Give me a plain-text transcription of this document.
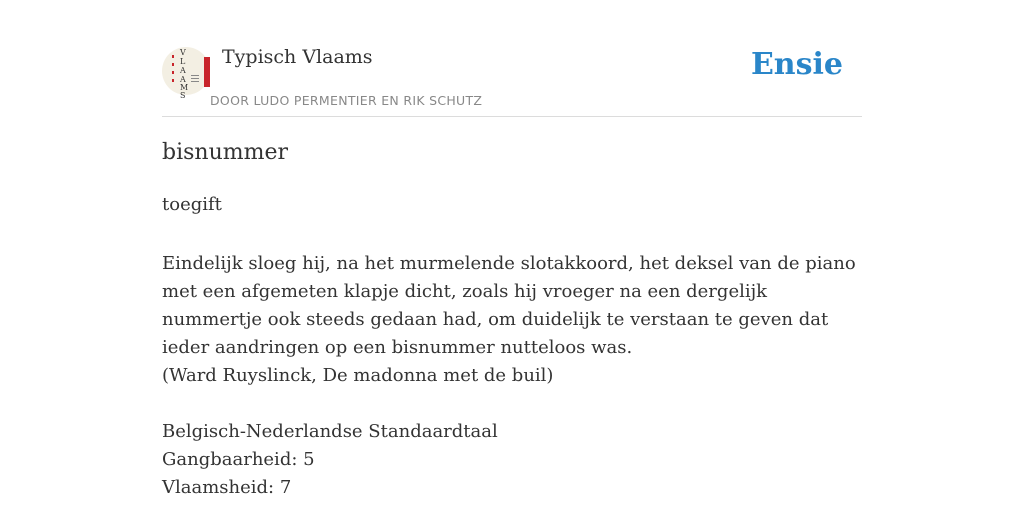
V
L
A
A
M
S
Typisch Vlaams
DOOR LUDO PERMENTIER EN RIK SCHUTZ
Ensie
bisnummer
toegift

Eindelijk sloeg hij, na het murmelende slotakkoord, het deksel van de piano met een afgemeten klapje dicht, zoals hij vroeger na een dergelijk nummertje ook steeds gedaan had, om duidelijk te verstaan te geven dat ieder aandringen op een bisnummer nutteloos was.

(Ward Ruyslinck, De madonna met de buil)

Belgisch-Nederlandse Standaardtaal
Gangbaarheid: 5
Vlaamsheid: 7
